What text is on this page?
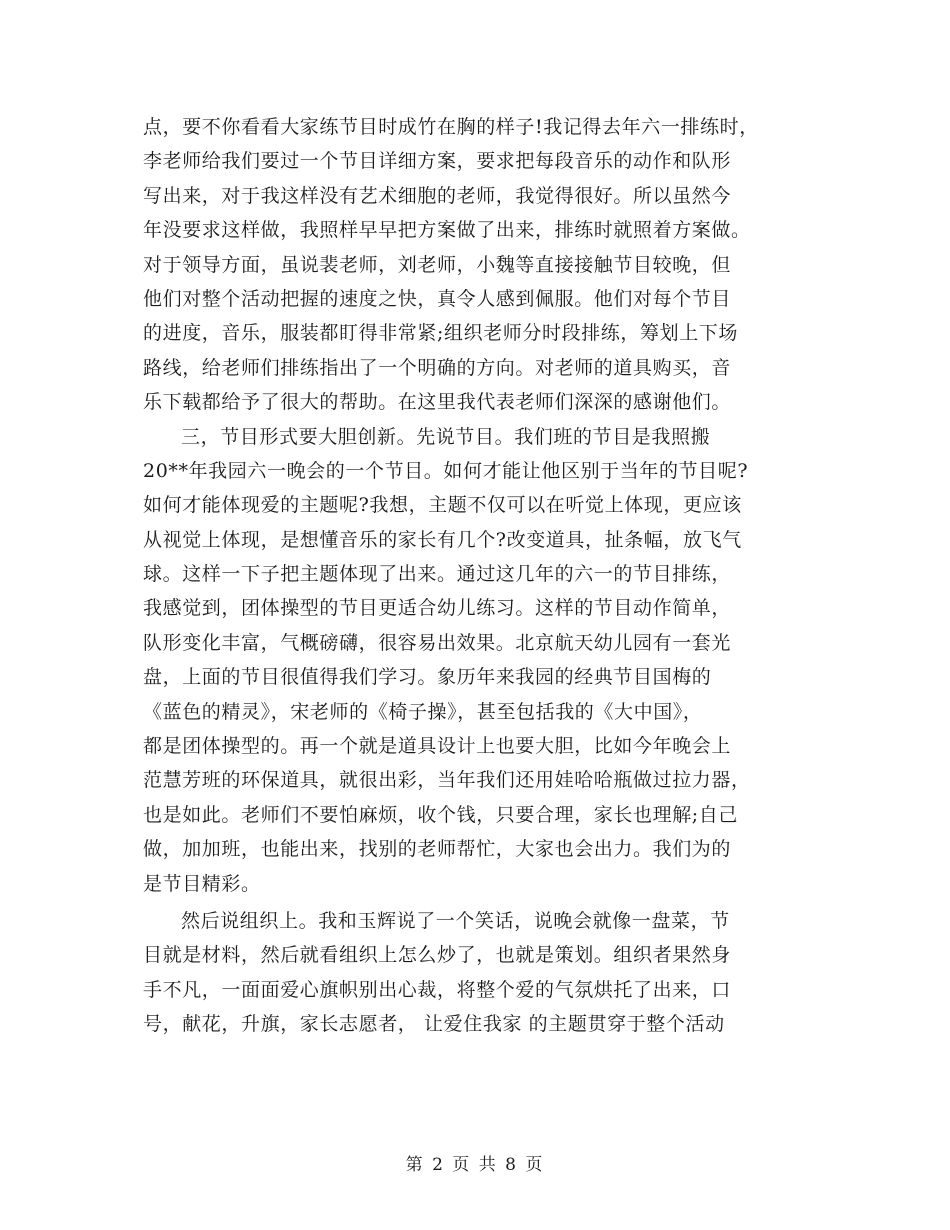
点，要不你看看大家练节目时成竹在胸的样子!我记得去年六一排练时，
李老师给我们要过一个节目详细方案，要求把每段音乐的动作和队形
写出来，对于我这样没有艺术细胞的老师，我觉得很好。所以虽然今
年没要求这样做，我照样早早把方案做了出来，排练时就照着方案做。
对于领导方面，虽说裴老师，刘老师，小魏等直接接触节目较晚，但
他们对整个活动把握的速度之快，真令人感到佩服。他们对每个节目
的进度，音乐，服装都盯得非常紧;组织老师分时段排练，筹划上下场
路线，给老师们排练指出了一个明确的方向。对老师的道具购买，音
乐下载都给予了很大的帮助。在这里我代表老师们深深的感谢他们。
三，节目形式要大胆创新。先说节目。我们班的节目是我照搬
20**年我园六一晚会的一个节目。如何才能让他区别于当年的节目呢?
如何才能体现爱的主题呢?我想，主题不仅可以在听觉上体现，更应该
从视觉上体现，是想懂音乐的家长有几个?改变道具，扯条幅，放飞气
球。这样一下子把主题体现了出来。通过这几年的六一的节目排练，
我感觉到，团体操型的节目更适合幼儿练习。这样的节目动作简单，
队形变化丰富，气概磅礴，很容易出效果。北京航天幼儿园有一套光
盘，上面的节目很值得我们学习。象历年来我园的经典节目国梅的
《蓝色的精灵》，宋老师的《椅子操》，甚至包括我的《大中国》，
都是团体操型的。再一个就是道具设计上也要大胆，比如今年晚会上
范慧芳班的环保道具，就很出彩，当年我们还用娃哈哈瓶做过拉力器，
也是如此。老师们不要怕麻烦，收个钱，只要合理，家长也理解;自己
做，加加班，也能出来，找别的老师帮忙，大家也会出力。我们为的
是节目精彩。
然后说组织上。我和玉辉说了一个笑话，说晚会就像一盘菜，节
目就是材料，然后就看组织上怎么炒了，也就是策划。组织者果然身
手不凡，一面面爱心旗帜别出心裁，将整个爱的气氛烘托了出来，口
号，献花，升旗，家长志愿者， 让爱住我家 的主题贯穿于整个活动
第 2 页 共 8 页
